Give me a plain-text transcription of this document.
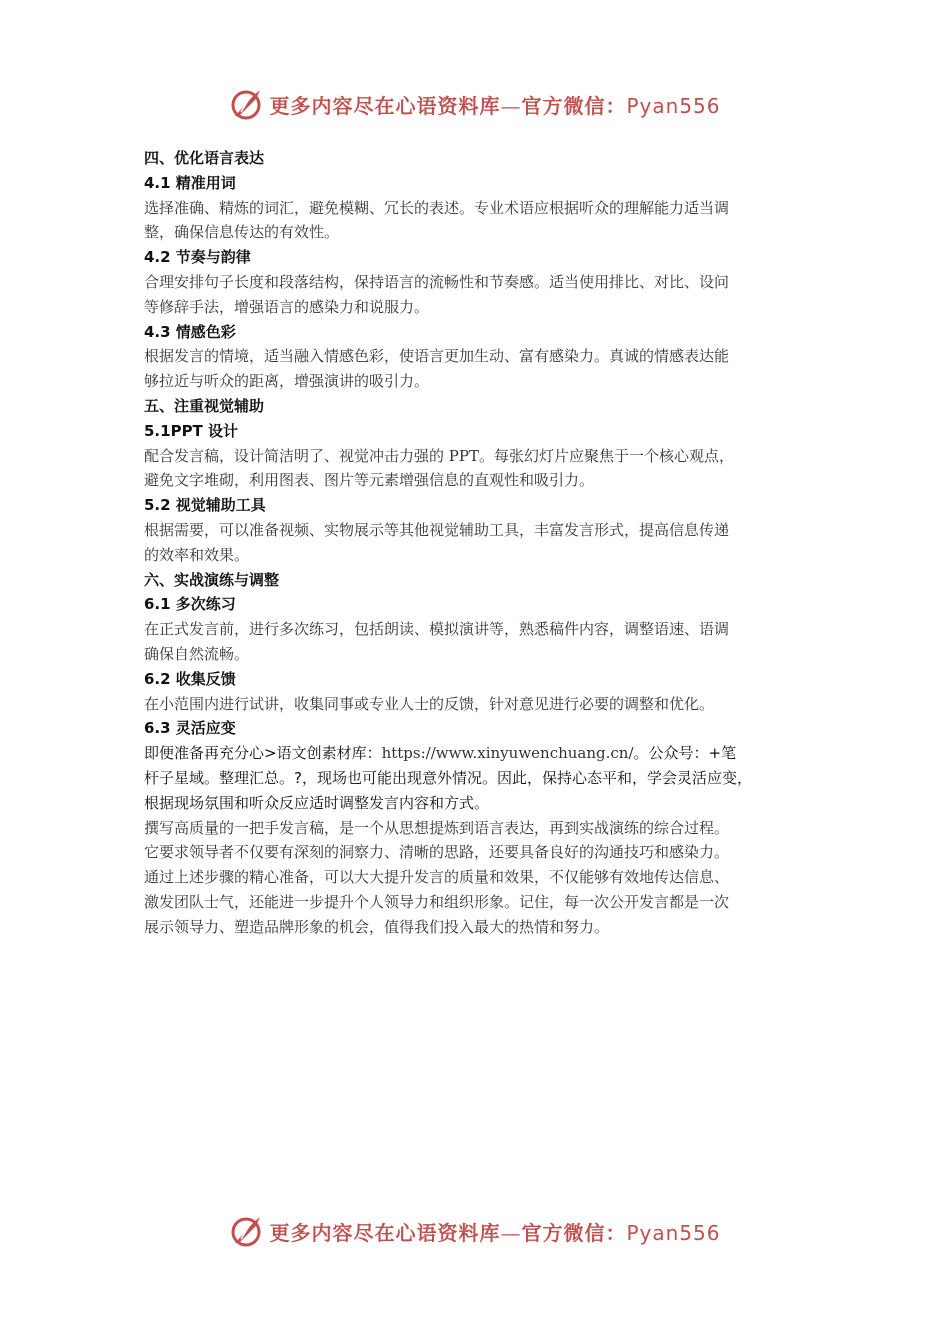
更多内容尽在心语资料库—官方微信：Pyan556
四、优化语言表达
4.1 精准用词
选择准确、精炼的词汇，避免模糊、冗长的表述。专业术语应根据听众的理解能力适当调
整，确保信息传达的有效性。
4.2 节奏与韵律
合理安排句子长度和段落结构，保持语言的流畅性和节奏感。适当使用排比、对比、设问
等修辞手法，增强语言的感染力和说服力。
4.3 情感色彩
根据发言的情境，适当融入情感色彩，使语言更加生动、富有感染力。真诚的情感表达能
够拉近与听众的距离，增强演讲的吸引力。
五、注重视觉辅助
5.1PPT 设计
配合发言稿，设计简洁明了、视觉冲击力强的 PPT。每张幻灯片应聚焦于一个核心观点，
避免文字堆砌，利用图表、图片等元素增强信息的直观性和吸引力。
5.2 视觉辅助工具
根据需要，可以准备视频、实物展示等其他视觉辅助工具，丰富发言形式，提高信息传递
的效率和效果。
六、实战演练与调整
6.1 多次练习
在正式发言前，进行多次练习，包括朗读、模拟演讲等，熟悉稿件内容，调整语速、语调
确保自然流畅。
6.2 收集反馈
在小范围内进行试讲，收集同事或专业人士的反馈，针对意见进行必要的调整和优化。
6.3 灵活应变
即便准备再充分心>语文创素材库：https://www.xinyuwenchuang.cn/。公众号：+笔
杆子星域。整理汇总。?，现场也可能出现意外情况。因此，保持心态平和，学会灵活应变，
根据现场氛围和听众反应适时调整发言内容和方式。
撰写高质量的一把手发言稿，是一个从思想提炼到语言表达，再到实战演练的综合过程。
它要求领导者不仅要有深刻的洞察力、清晰的思路，还要具备良好的沟通技巧和感染力。
通过上述步骤的精心准备，可以大大提升发言的质量和效果，不仅能够有效地传达信息、
激发团队士气，还能进一步提升个人领导力和组织形象。记住，每一次公开发言都是一次
展示领导力、塑造品牌形象的机会，值得我们投入最大的热情和努力。
更多内容尽在心语资料库—官方微信：Pyan556
